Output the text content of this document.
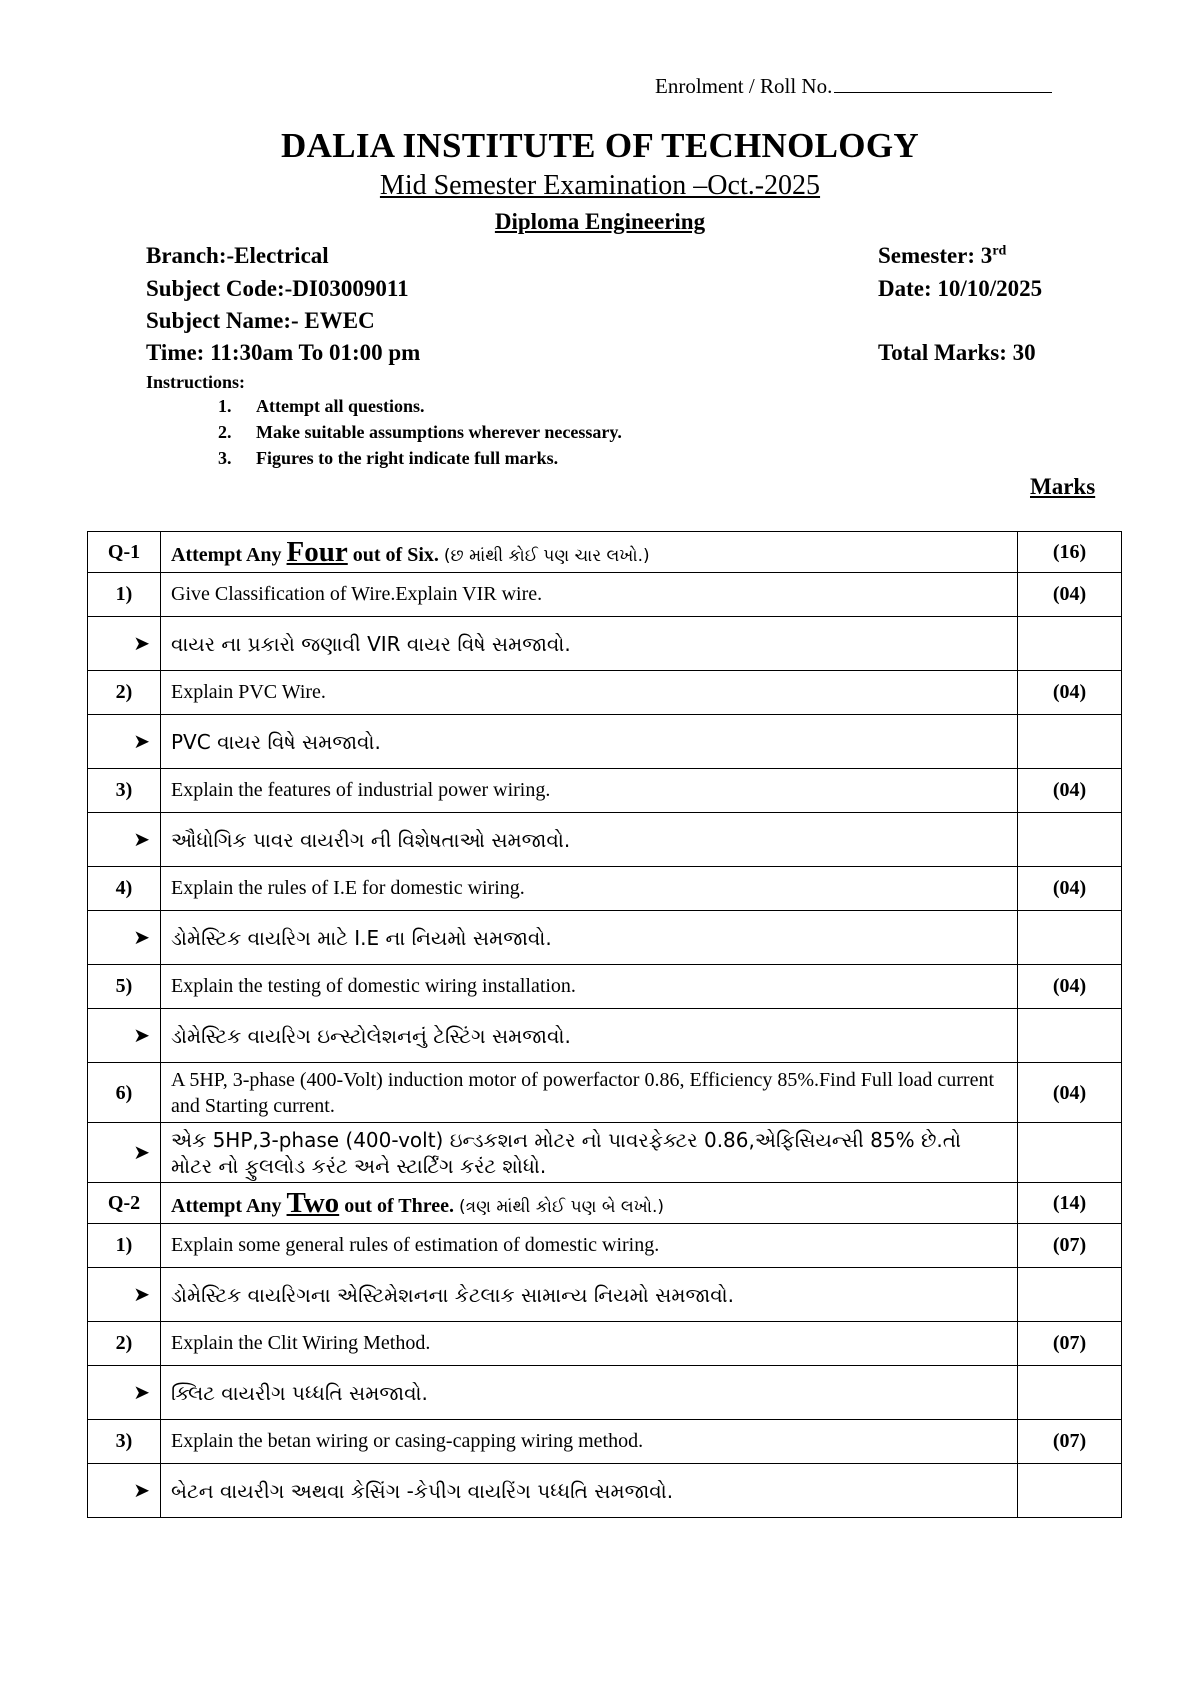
Enrolment / Roll No.
DALIA INSTITUTE OF TECHNOLOGY
Mid Semester Examination –Oct.-2025
Diploma Engineering
Branch:-Electrical	Semester: 3rd
Subject Code:-DI03009011	Date: 10/10/2025
Subject Name:- EWEC
Time: 11:30am To 01:00 pm	Total Marks: 30
Instructions:
1. Attempt all questions.
2. Make suitable assumptions wherever necessary.
3. Figures to the right indicate full marks.
Marks
Q-1	Attempt Any Four out of Six. (છ માંથી કોઈ પણ ચાર લખો.)	(16)
1)	Give Classification of Wire.Explain VIR wire.	(04)
➤	વાયર ના પ્રકારો જણાવી VIR વાયર વિષે સમજાવો.	
2)	Explain PVC Wire.	(04)
➤	PVC વાયર વિષે સમજાવો.	
3)	Explain the features of industrial power wiring.	(04)
➤	ઔધોગિક પાવર વાયરીગ ની વિશેષતાઓ સમજાવો.	
4)	Explain the rules of I.E for domestic wiring.	(04)
➤	ડોમેસ્ટિક વાયરિગ માટે I.E ના નિયમો સમજાવો.	
5)	Explain the testing of domestic wiring installation.	(04)
➤	ડોમેસ્ટિક વાયરિગ ઇન્સ્ટોલેશનનું ટેસ્ટિંગ સમજાવો.	
6)	A 5HP, 3-phase (400-Volt) induction motor of powerfactor 0.86, Efficiency 85%.Find Full load current and Starting current.	(04)
➤	એક 5HP,3-phase (400-volt) ઇન્ડકશન મોટર નો પાવરફેક્ટર 0.86,એફિસિયન્સી 85% છે.તો મોટર નો ફુલલોડ કરંટ અને સ્ટાર્ટિંગ કરંટ શોધો.	
Q-2	Attempt Any Two out of Three. (ત્રણ માંથી કોઈ પણ બે લખો.)	(14)
1)	Explain some general rules of estimation of domestic wiring.	(07)
➤	ડોમેસ્ટિક વાયરિગના એસ્ટિમેશનના કેટલાક સામાન્ય નિયમો સમજાવો.	
2)	Explain the Clit Wiring Method.	(07)
➤	ક્લિટ વાયરીગ પધ્ધતિ સમજાવો.	
3)	Explain the betan wiring or casing-capping wiring method.	(07)
➤	બેટન વાયરીગ અથવા કેસિંગ -કેપીગ વાયરિંગ પધ્ધતિ સમજાવો.	
